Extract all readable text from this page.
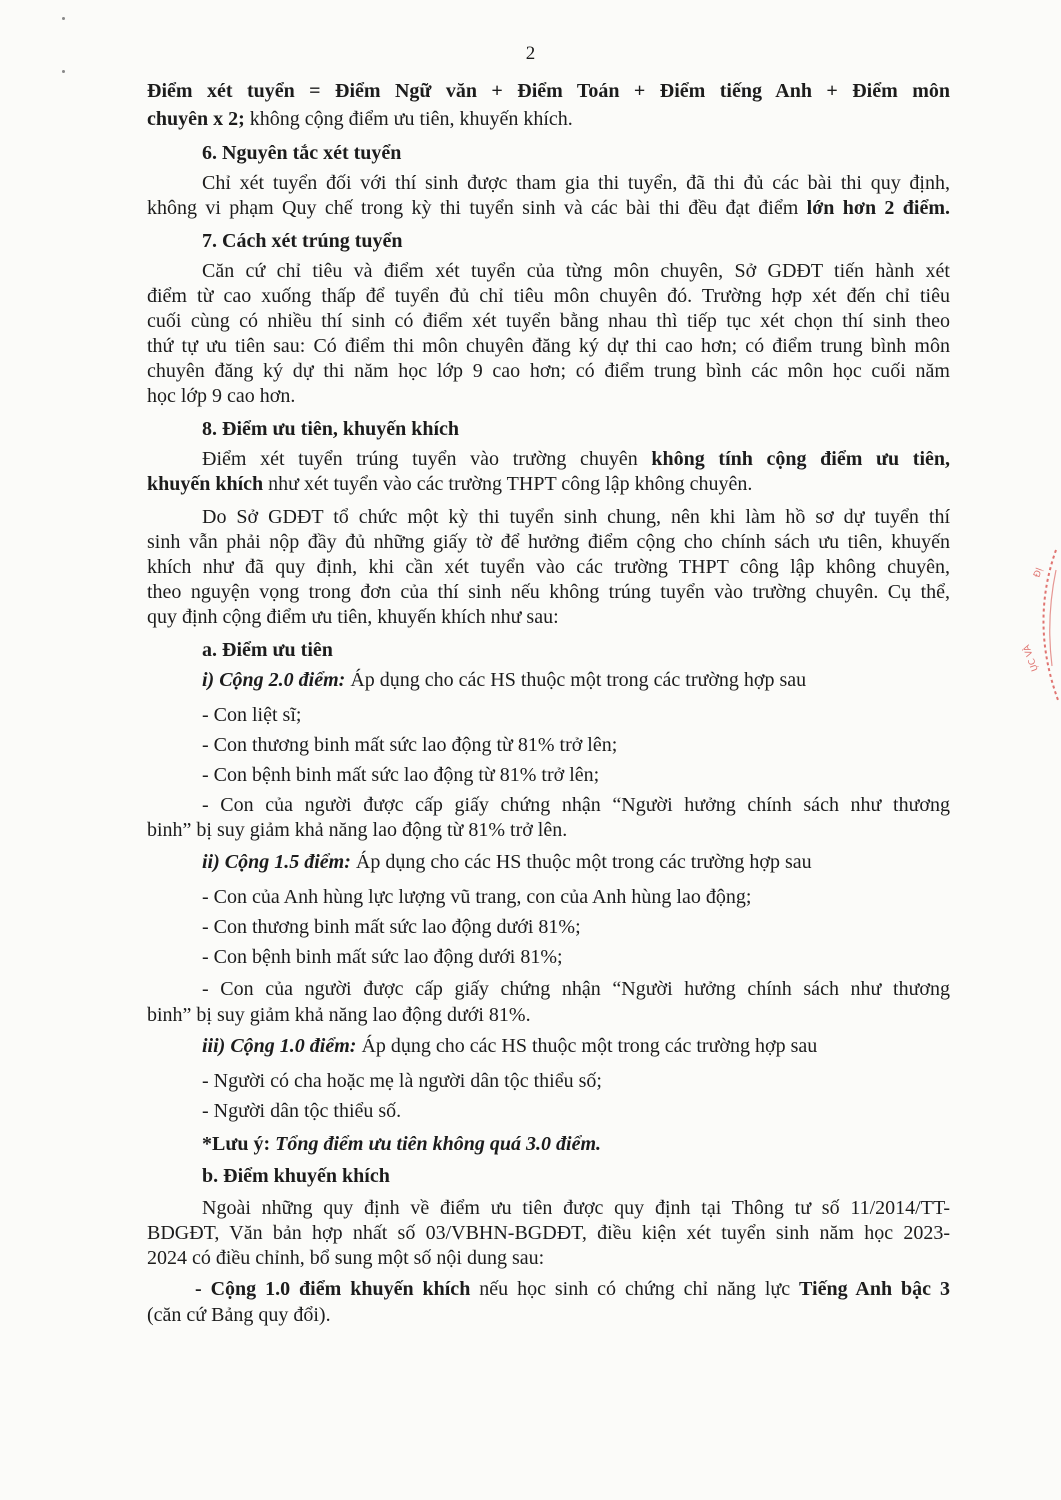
2
Điểm xét tuyển = Điểm Ngữ văn + Điểm Toán + Điểm tiếng Anh + Điểm môn
chuyên x 2; không cộng điểm ưu tiên, khuyến khích.
6. Nguyên tắc xét tuyển
Chỉ xét tuyển đối với thí sinh được tham gia thi tuyển, đã thi đủ các bài thi quy định,
không vi phạm Quy chế trong kỳ thi tuyển sinh và các bài thi đều đạt điểm lớn hơn 2 điểm.
7. Cách xét trúng tuyển
Căn cứ chỉ tiêu và điểm xét tuyển của từng môn chuyên, Sở GDĐT tiến hành xét
điểm từ cao xuống thấp để tuyển đủ chỉ tiêu môn chuyên đó. Trường hợp xét đến chỉ tiêu
cuối cùng có nhiều thí sinh có điểm xét tuyển bằng nhau thì tiếp tục xét chọn thí sinh theo
thứ tự ưu tiên sau: Có điểm thi môn chuyên đăng ký dự thi cao hơn; có điểm trung bình môn
chuyên đăng ký dự thi năm học lớp 9 cao hơn; có điểm trung bình các môn học cuối năm
học lớp 9 cao hơn.
8. Điểm ưu tiên, khuyến khích
Điểm xét tuyển trúng tuyển vào trường chuyên không tính cộng điểm ưu tiên,
khuyến khích như xét tuyển vào các trường THPT công lập không chuyên.
Do Sở GDĐT tổ chức một kỳ thi tuyển sinh chung, nên khi làm hồ sơ dự tuyển thí
sinh vẫn phải nộp đầy đủ những giấy tờ để hưởng điểm cộng cho chính sách ưu tiên, khuyến
khích như đã quy định, khi cần xét tuyển vào các trường THPT công lập không chuyên,
theo nguyện vọng trong đơn của thí sinh nếu không trúng tuyển vào trường chuyên. Cụ thể,
quy định cộng điểm ưu tiên, khuyến khích như sau:
a. Điểm ưu tiên
i) Cộng 2.0 điểm: Áp dụng cho các HS thuộc một trong các trường hợp sau
- Con liệt sĩ;
- Con thương binh mất sức lao động từ 81% trở lên;
- Con bệnh binh mất sức lao động từ 81% trở lên;
- Con của người được cấp giấy chứng nhận “Người hưởng chính sách như thương
binh” bị suy giảm khả năng lao động từ 81% trở lên.
ii) Cộng 1.5 điểm: Áp dụng cho các HS thuộc một trong các trường hợp sau
- Con của Anh hùng lực lượng vũ trang, con của Anh hùng lao động;
- Con thương binh mất sức lao động dưới 81%;
- Con bệnh binh mất sức lao động dưới 81%;
- Con của người được cấp giấy chứng nhận “Người hưởng chính sách như thương
binh” bị suy giảm khả năng lao động dưới 81%.
iii) Cộng 1.0 điểm: Áp dụng cho các HS thuộc một trong các trường hợp sau
- Người có cha hoặc mẹ là người dân tộc thiểu số;
- Người dân tộc thiểu số.
*Lưu ý: Tổng điểm ưu tiên không quá 3.0 điểm.
b. Điểm khuyến khích
Ngoài những quy định về điểm ưu tiên được quy định tại Thông tư số 11/2014/TT-
BDGĐT, Văn bản hợp nhất số 03/VBHN-BGDĐT, điều kiện xét tuyển sinh năm học 2023-
2024 có điều chỉnh, bổ sung một số nội dung sau:
- Cộng 1.0 điểm khuyến khích nếu học sinh có chứng chỉ năng lực Tiếng Anh bậc 3
(căn cứ Bảng quy đổi).
ĐỊ
ỤC VÀ
